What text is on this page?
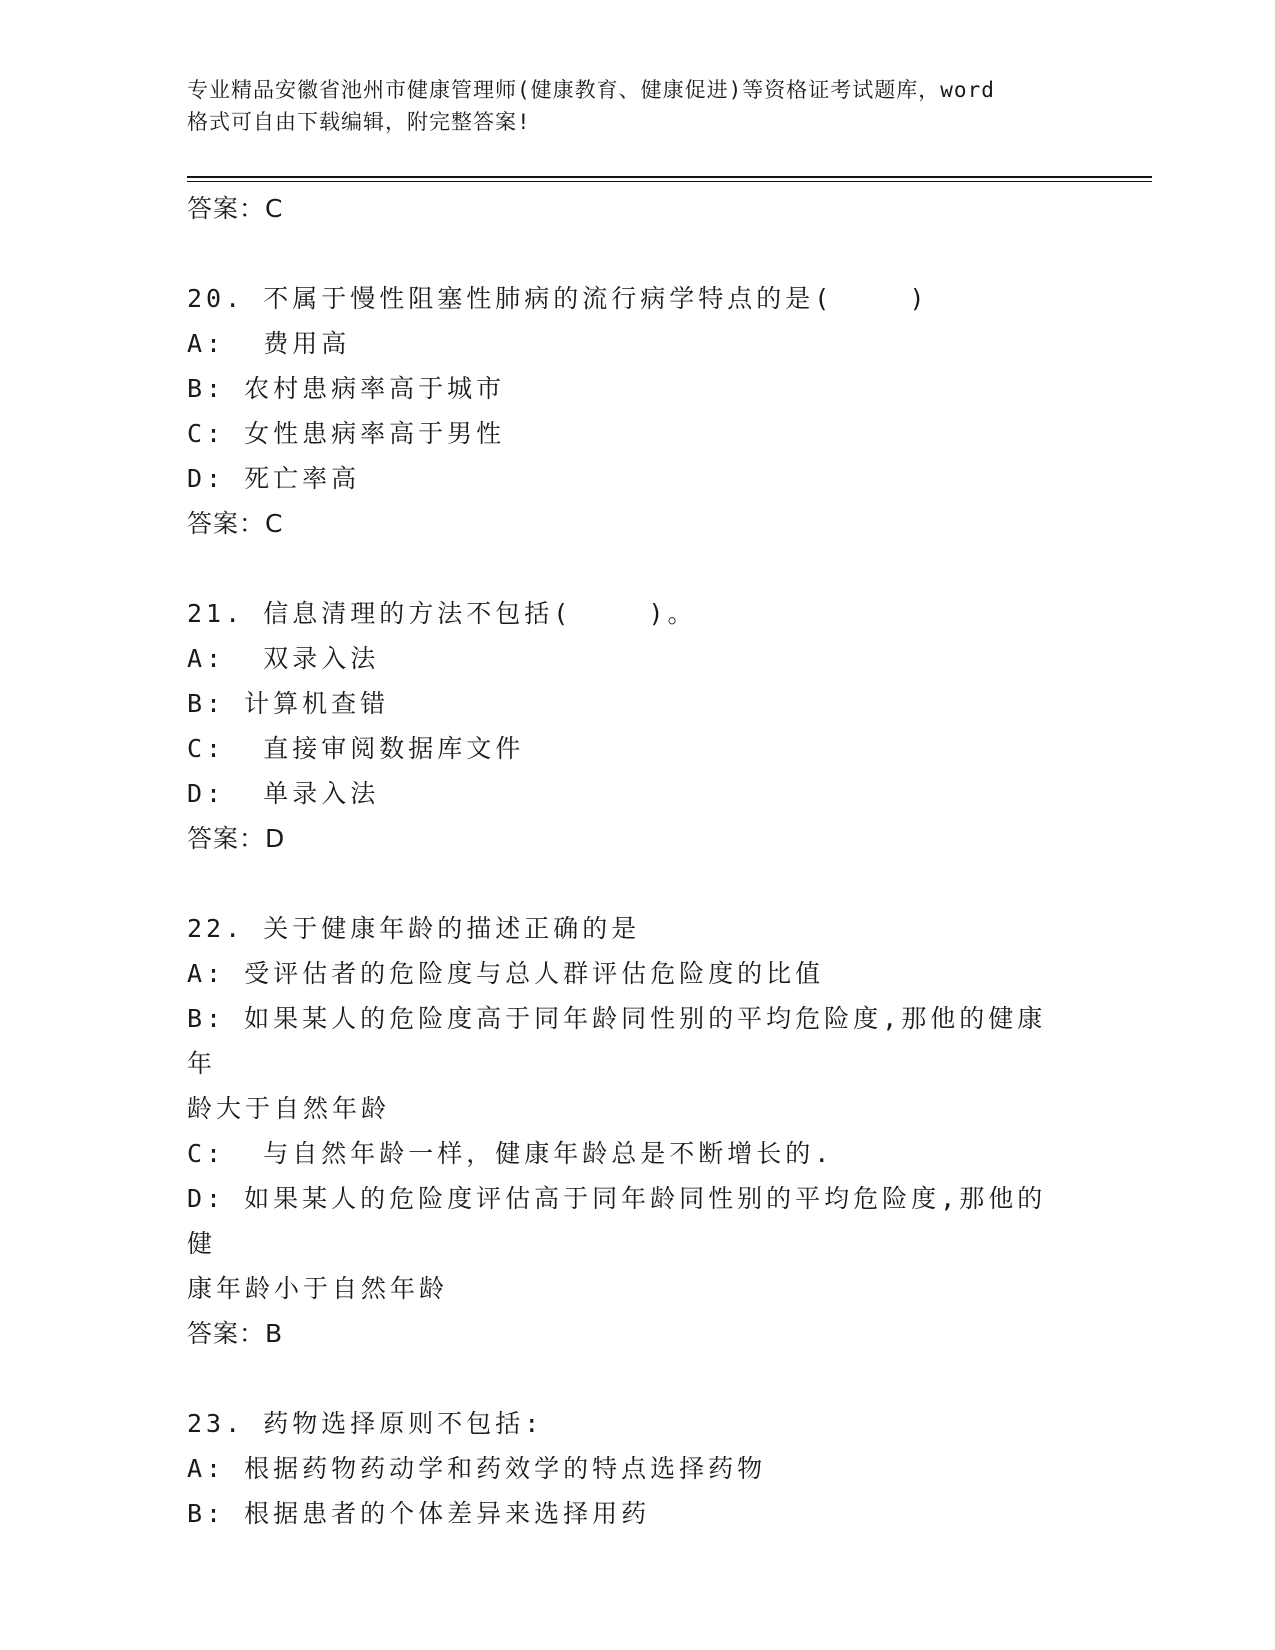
专业精品安徽省池州市健康管理师(健康教育、健康促进)等资格证考试题库，word
格式可自由下载编辑，附完整答案!
答案：C
20. 不属于慢性阻塞性肺病的流行病学特点的是(    )
A:  费用高
B: 农村患病率高于城市
C: 女性患病率高于男性
D: 死亡率高
答案：C
21. 信息清理的方法不包括(    )。
A:  双录入法
B: 计算机查错
C:  直接审阅数据库文件
D:  单录入法
答案：D
22. 关于健康年龄的描述正确的是
A: 受评估者的危险度与总人群评估危险度的比值
B: 如果某人的危险度高于同年龄同性别的平均危险度,那他的健康年
龄大于自然年龄
C:  与自然年龄一样，健康年龄总是不断增长的.
D: 如果某人的危险度评估高于同年龄同性别的平均危险度,那他的健
康年龄小于自然年龄
答案：B
23. 药物选择原则不包括:
A: 根据药物药动学和药效学的特点选择药物
B: 根据患者的个体差异来选择用药
